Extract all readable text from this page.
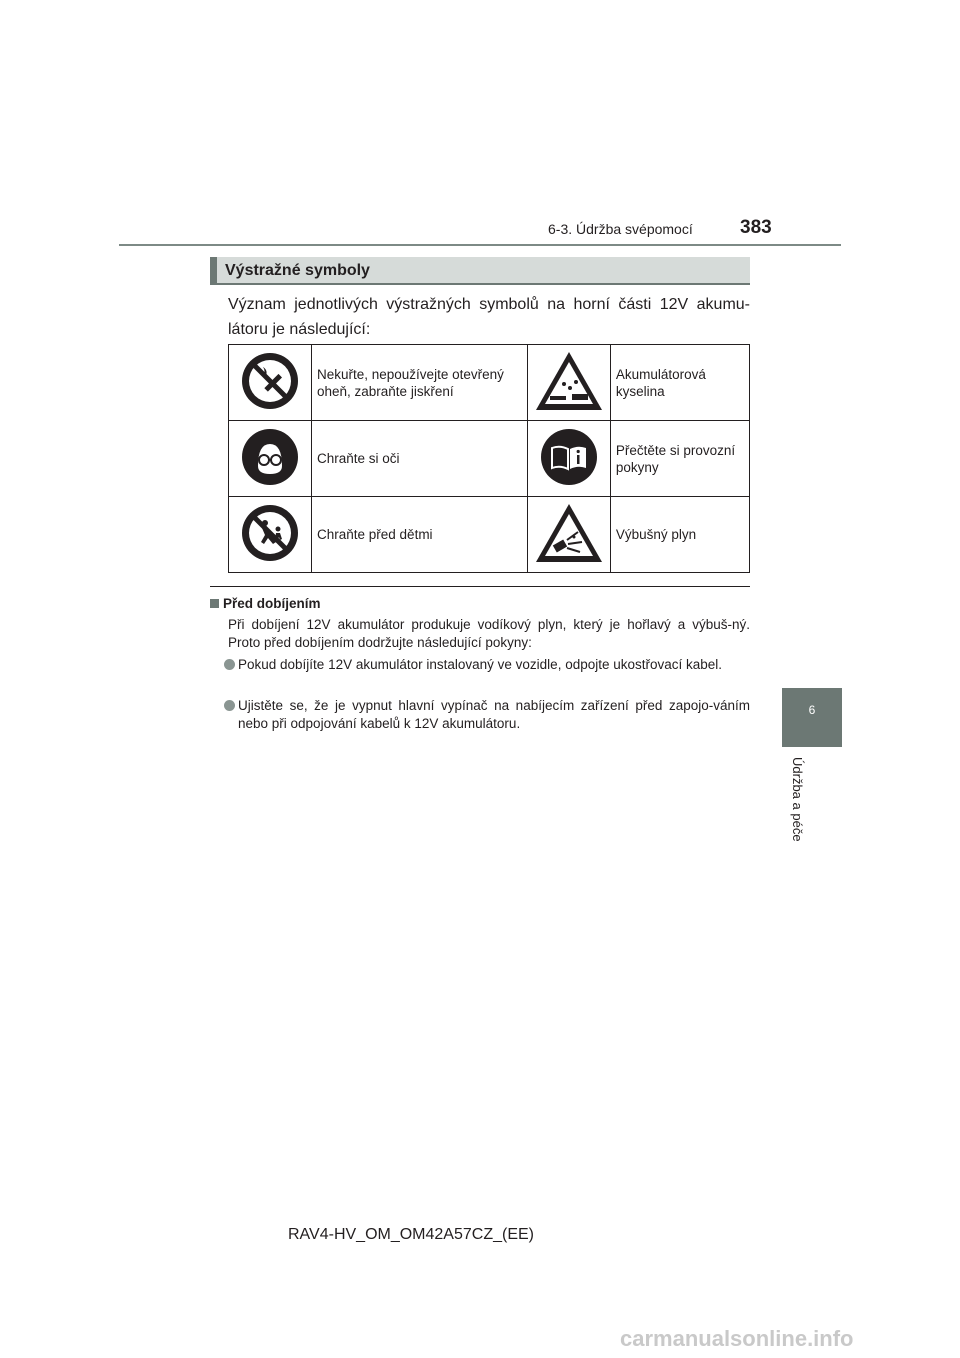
6-3. Údržba svépomocí 383
6
Údržba a péče
Výstražné symboly
Význam jednotlivých výstražných symbolů na horní části 12V akumu-látoru je následující:
	Nekuřte, nepoužívejte otevřený oheň, zabraňte jiskření		Akumulátorová kyselina
	Chraňte si oči		Přečtěte si provozní pokyny
	Chraňte před dětmi		Výbušný plyn
Před dobíjením
Při dobíjení 12V akumulátor produkuje vodíkový plyn, který je hořlavý a výbuš-ný. Proto před dobíjením dodržujte následující pokyny:
Pokud dobíjíte 12V akumulátor instalovaný ve vozidle, odpojte ukostřovací kabel.
Ujistěte se, že je vypnut hlavní vypínač na nabíjecím zařízení před zapojo-váním nebo při odpojování kabelů k 12V akumulátoru.
RAV4-HV_OM_OM42A57CZ_(EE)
carmanualsonline.info
